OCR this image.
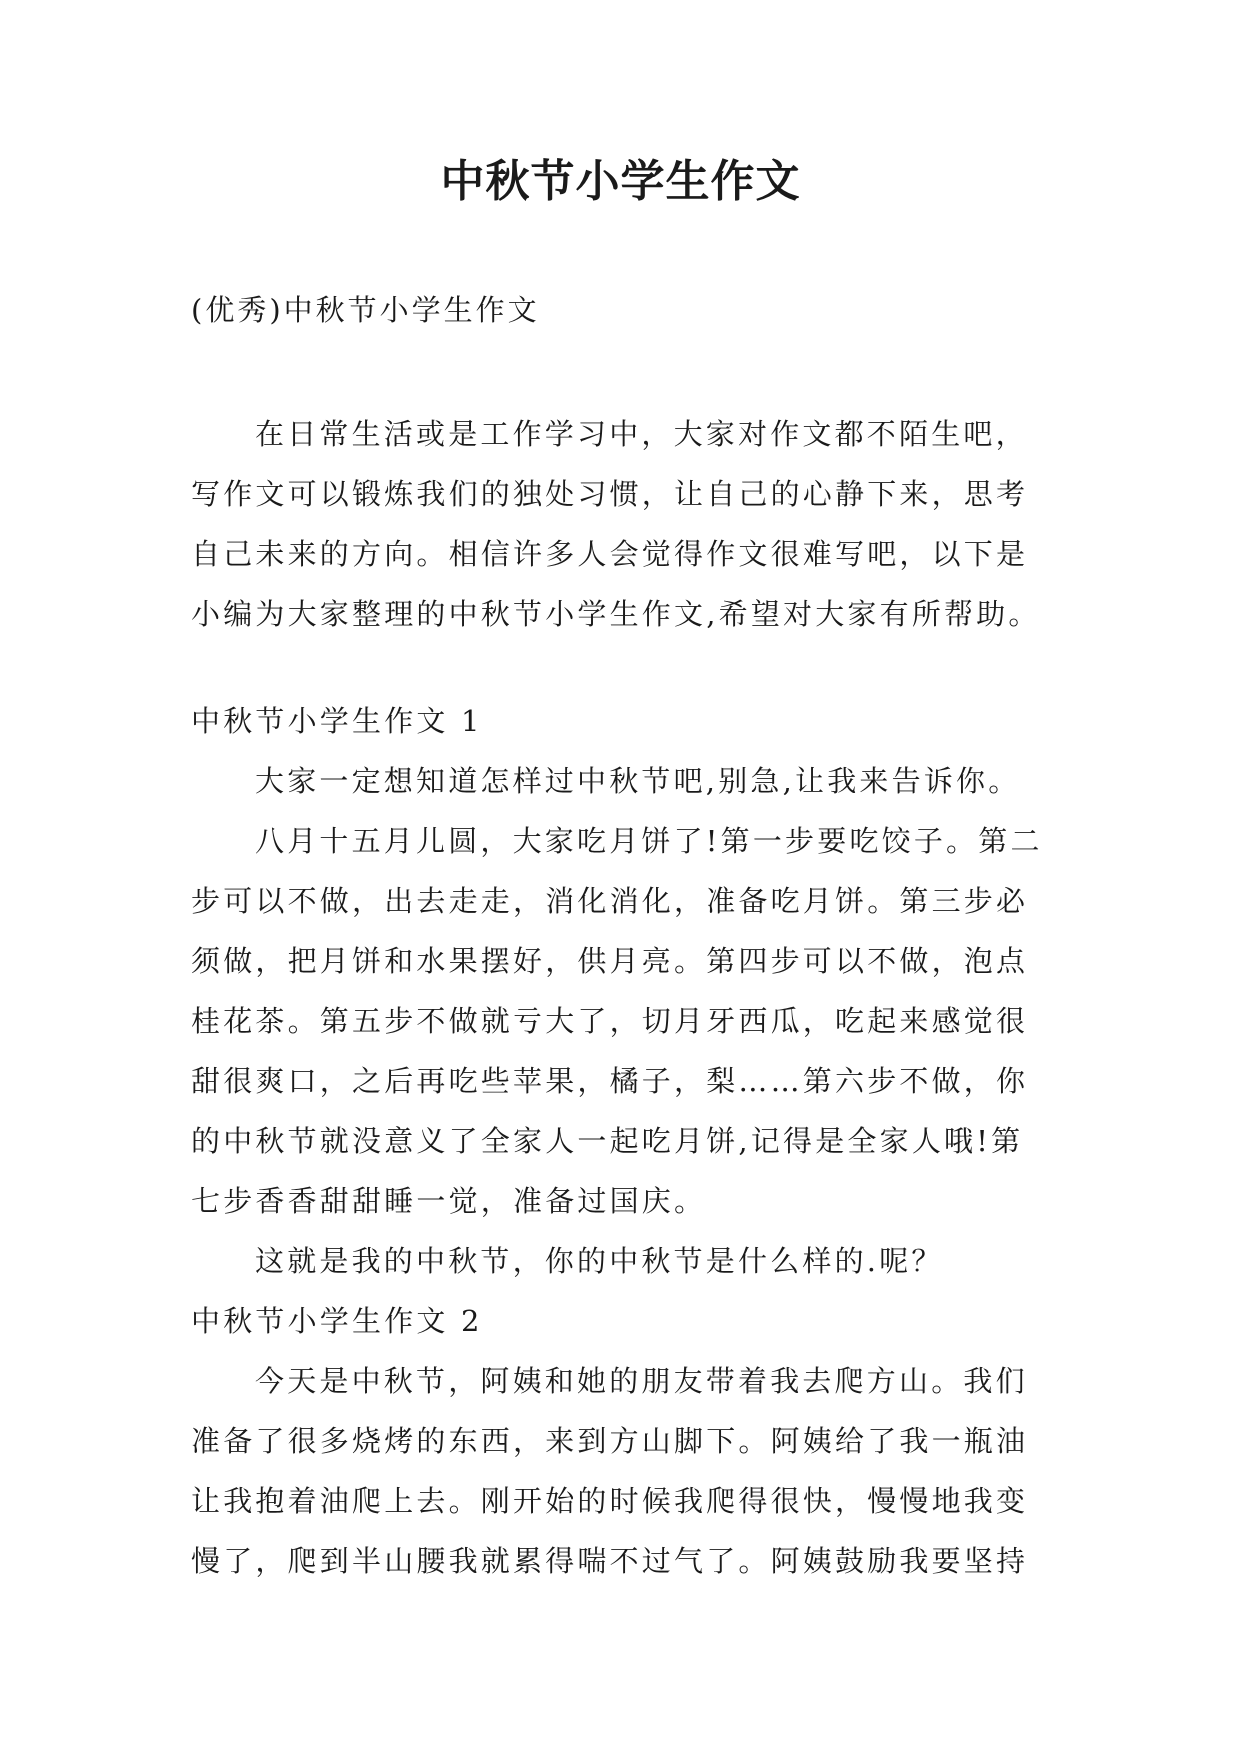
中秋节小学生作文
(优秀)中秋节小学生作文

在日常生活或是工作学习中，大家对作文都不陌生吧，写作文可以锻炼我们的独处习惯，让自己的心静下来，思考自己未来的方向。相信许多人会觉得作文很难写吧，以下是小编为大家整理的中秋节小学生作文,希望对大家有所帮助。

中秋节小学生作文 1

大家一定想知道怎样过中秋节吧,别急,让我来告诉你。

八月十五月儿圆，大家吃月饼了!第一步要吃饺子。第二步可以不做，出去走走，消化消化，准备吃月饼。第三步必须做，把月饼和水果摆好，供月亮。第四步可以不做，泡点桂花茶。第五步不做就亏大了，切月牙西瓜，吃起来感觉很甜很爽口，之后再吃些苹果，橘子，梨……第六步不做，你的中秋节就没意义了全家人一起吃月饼,记得是全家人哦!第七步香香甜甜睡一觉，准备过国庆。

这就是我的中秋节，你的中秋节是什么样的.呢？

中秋节小学生作文 2

今天是中秋节，阿姨和她的朋友带着我去爬方山。我们准备了很多烧烤的东西，来到方山脚下。阿姨给了我一瓶油让我抱着油爬上去。刚开始的时候我爬得很快，慢慢地我变慢了，爬到半山腰我就累得喘不过气了。阿姨鼓励我要坚持
